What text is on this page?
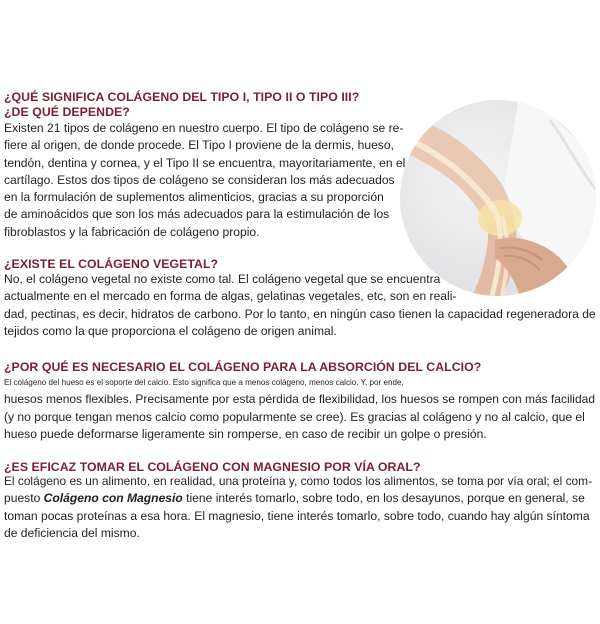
¿QUÉ SIGNIFICA COLÁGENO DEL TIPO I, TIPO II O TIPO III?
¿DE QUÉ DEPENDE?

Existen 21 tipos de colágeno en nuestro cuerpo. El tipo de colágeno se re-
fiere al origen, de donde procede. El Tipo I proviene de la dermis, hueso,
tendón, dentina y cornea, y el Tipo II se encuentra, mayoritariamente, en el
cartílago. Estos dos tipos de colágeno se consideran los más adecuados
en la formulación de suplementos alimenticios, gracias a su proporción
de aminoácidos que son los más adecuados para la estimulación de los
fibroblastos y la fabricación de colágeno propio.

¿EXISTE EL COLÁGENO VEGETAL?

No, el colágeno vegetal no existe como tal. El colágeno vegetal que se encuentra
actualmente en el mercado en forma de algas, gelatinas vegetales, etc, son en reali-
dad, pectinas, es decir, hidratos de carbono. Por lo tanto, en ningún caso tienen la capacidad regeneradora de
tejidos como la que proporciona el colágeno de origen animal.

¿POR QUÉ ES NECESARIO EL COLÁGENO PARA LA ABSORCIÓN DEL CALCIO?

El colágeno del hueso es el soporte del calcio. Esto significa que a menos colágeno, menos calcio. Y, por ende,
huesos menos flexibles. Precisamente por esta pérdida de flexibilidad, los huesos se rompen con más facilidad
(y no porque tengan menos calcio como popularmente se cree). Es gracias al colágeno y no al calcio, que el
hueso puede deformarse ligeramente sin romperse, en caso de recibir un golpe o presión.

¿ES EFICAZ TOMAR EL COLÁGENO CON MAGNESIO POR VÍA ORAL?

El colágeno es un alimento, en realidad, una proteína y, como todos los alimentos, se toma por vía oral; el com-
puesto Colágeno con Magnesio tiene interés tomarlo, sobre todo, en los desayunos, porque en general, se
toman pocas proteínas a esa hora. El magnesio, tiene interés tomarlo, sobre todo, cuando hay algún síntoma
de deficiencia del mismo.
